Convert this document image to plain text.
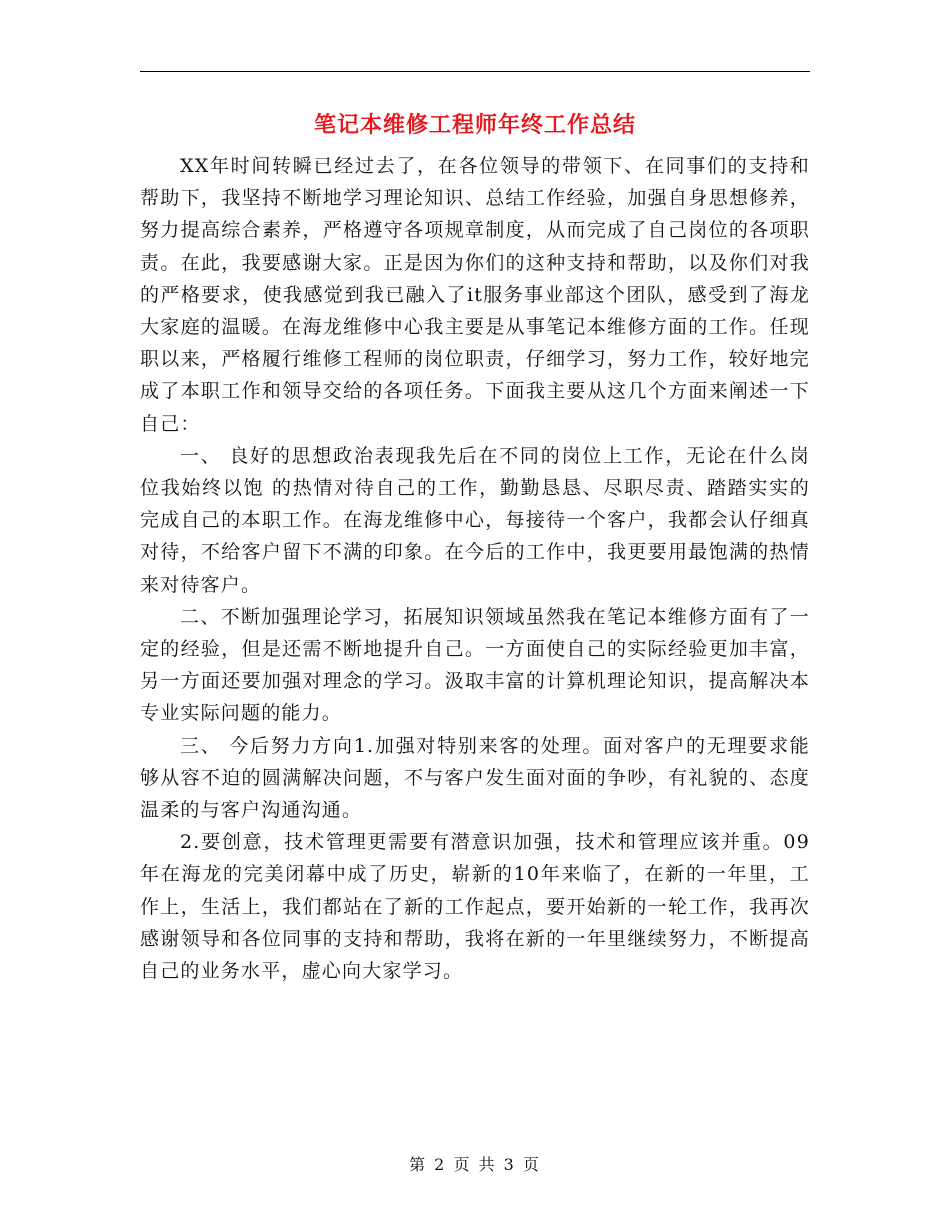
笔记本维修工程师年终工作总结

XX年时间转瞬已经过去了，在各位领导的带领下、在同事们的支持和帮助下，我坚持不断地学习理论知识、总结工作经验，加强自身思想修养，努力提高综合素养，严格遵守各项规章制度，从而完成了自己岗位的各项职责。在此，我要感谢大家。正是因为你们的这种支持和帮助，以及你们对我的严格要求，使我感觉到我已融入了it服务事业部这个团队，感受到了海龙大家庭的温暖。在海龙维修中心我主要是从事笔记本维修方面的工作。任现职以来，严格履行维修工程师的岗位职责，仔细学习，努力工作，较好地完成了本职工作和领导交给的各项任务。下面我主要从这几个方面来阐述一下自己：

一、 良好的思想政治表现我先后在不同的岗位上工作，无论在什么岗位我始终以饱 的热情对待自己的工作，勤勤恳恳、尽职尽责、踏踏实实的完成自己的本职工作。在海龙维修中心，每接待一个客户，我都会认仔细真对待，不给客户留下不满的印象。在今后的工作中，我更要用最饱满的热情来对待客户。

二、不断加强理论学习，拓展知识领域虽然我在笔记本维修方面有了一定的经验，但是还需不断地提升自己。一方面使自己的实际经验更加丰富，另一方面还要加强对理念的学习。汲取丰富的计算机理论知识，提高解决本专业实际问题的能力。

三、 今后努力方向1.加强对特别来客的处理。面对客户的无理要求能够从容不迫的圆满解决问题，不与客户发生面对面的争吵，有礼貌的、态度温柔的与客户沟通沟通。

2.要创意，技术管理更需要有潜意识加强，技术和管理应该并重。09年在海龙的完美闭幕中成了历史，崭新的10年来临了，在新的一年里，工作上，生活上，我们都站在了新的工作起点，要开始新的一轮工作，我再次感谢领导和各位同事的支持和帮助，我将在新的一年里继续努力，不断提高自己的业务水平，虚心向大家学习。

第 2 页 共 3 页
